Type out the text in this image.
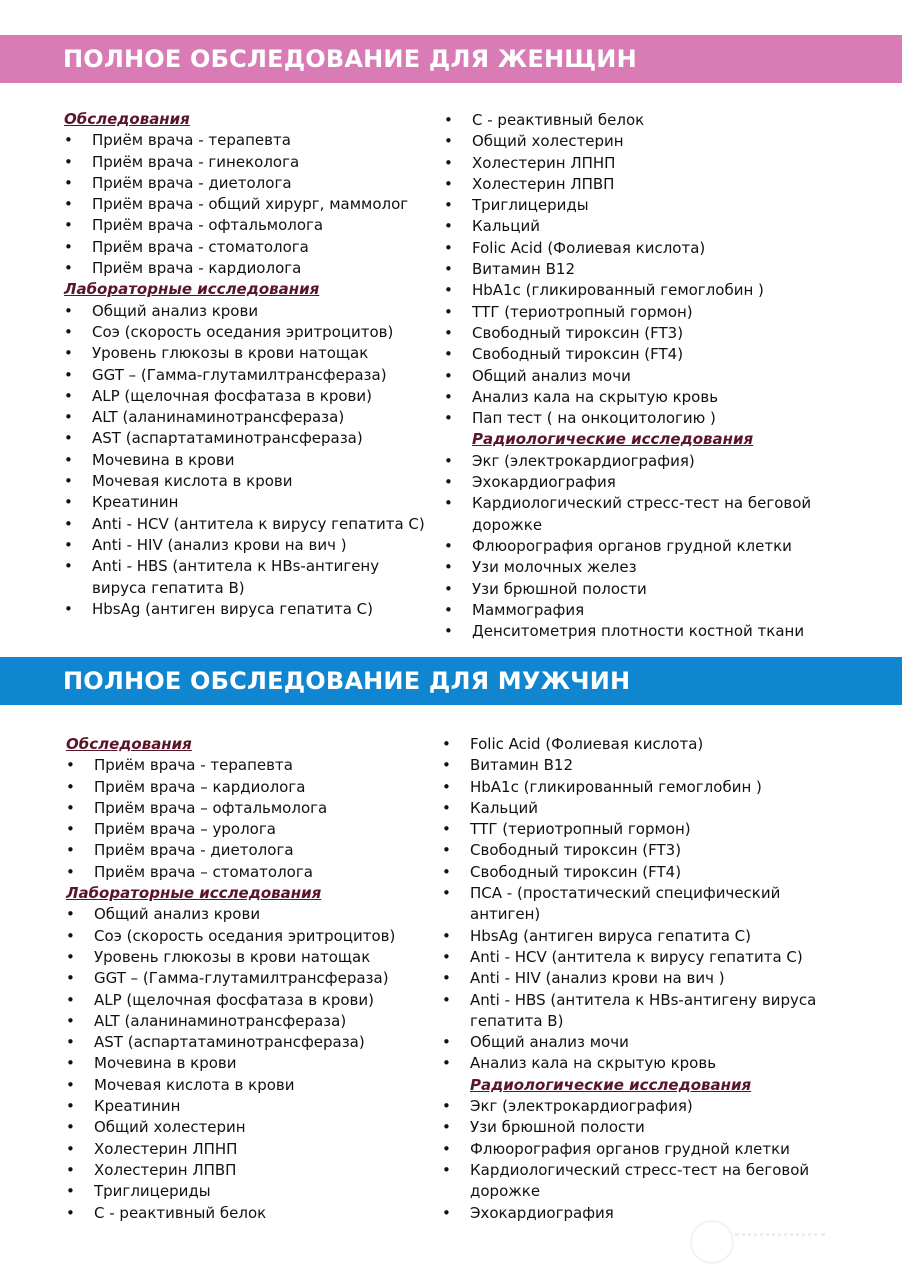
ПОЛНОЕ ОБСЛЕДОВАНИЕ ДЛЯ ЖЕНЩИН
Обследования
• Приём врача - терапевта
• Приём врача - гинеколога
• Приём врача - диетолога
• Приём врача - общий хирург, маммолог
• Приём врача - офтальмолога
• Приём врача - стоматолога
• Приём врача - кардиолога
Лабораторные исследования
• Общий анализ крови
• Соэ (скорость оседания эритроцитов)
• Уровень глюкозы в крови натощак
• GGT – (Гамма-глутамилтрансфераза)
• ALP (щелочная фосфатаза в крови)
• ALT (аланинаминотрансфераза)
• AST (аспартатаминотрансфераза)
• Мочевина в крови
• Мочевая кислота в крови
• Креатинин
• Anti - HCV (антитела к вирусу гепатита C)
• Anti - HIV (анализ крови на вич )
• Anti - HBS (антитела к HBs-антигену вируса гепатита B)
• HbsAg (антиген вируса гепатита C)
• С - реактивный белок
• Общий холестерин
• Холестерин ЛПНП
• Холестерин ЛПВП
• Триглицериды
• Кальций
• Folic Acid (Фолиевая кислота)
• Витамин B12
• HbA1c (гликированный гемоглобин )
• ТТГ (териотропный гормон)
• Свободный тироксин (FT3)
• Свободный тироксин (FT4)
• Общий анализ мочи
• Анализ кала на скрытую кровь
• Пап тест ( на онкоцитологию )
Радиологические исследования
• Экг (электрокардиография)
• Эхокардиография
• Кардиологический стресс-тест на беговой дорожке
• Флюорография органов грудной клетки
• Узи молочных желез
• Узи брюшной полости
• Маммография
• Денситометрия плотности костной ткани
ПОЛНОЕ ОБСЛЕДОВАНИЕ ДЛЯ МУЖЧИН
Обследования
• Приём врача - терапевта
• Приём врача – кардиолога
• Приём врача – офтальмолога
• Приём врача – уролога
• Приём врача - диетолога
• Приём врача – стоматолога
Лабораторные исследования
• Общий анализ крови
• Соэ (скорость оседания эритроцитов)
• Уровень глюкозы в крови натощак
• GGT – (Гамма-глутамилтрансфераза)
• ALP (щелочная фосфатаза в крови)
• ALT (аланинаминотрансфераза)
• AST (аспартатаминотрансфераза)
• Мочевина в крови
• Мочевая кислота в крови
• Креатинин
• Общий холестерин
• Холестерин ЛПНП
• Холестерин ЛПВП
• Триглицериды
• С - реактивный белок
• Folic Acid (Фолиевая кислота)
• Витамин B12
• HbA1c (гликированный гемоглобин )
• Кальций
• ТТГ (териотропный гормон)
• Свободный тироксин (FT3)
• Свободный тироксин (FT4)
• ПСА - (простатический специфический антиген)
• HbsAg (антиген вируса гепатита C)
• Anti - HCV (антитела к вирусу гепатита C)
• Anti - HIV (анализ крови на вич )
• Anti - HBS (антитела к HBs-антигену вируса гепатита B)
• Общий анализ мочи
• Анализ кала на скрытую кровь
Радиологические исследования
• Экг (электрокардиография)
• Узи брюшной полости
• Флюорография органов грудной клетки
• Кардиологический стресс-тест на беговой дорожке
• Эхокардиография
